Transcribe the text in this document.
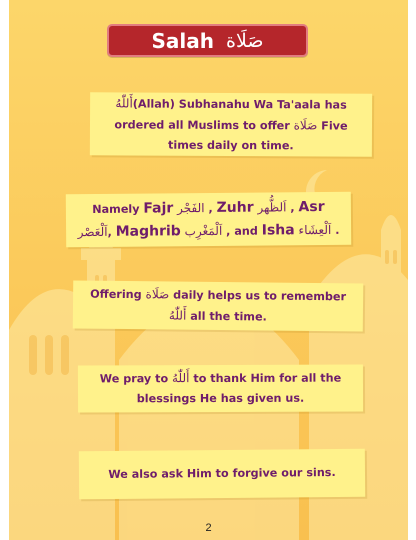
Salah صَلَاة

أَللّٰهُ(Allah) Subhanahu Wa Ta'aala has ordered all Muslims to offer صَلَاة Five times daily on time.

Namely Fajr الفَجْر , Zuhr اَلظُّهر , Asr اَلْعَصْر, Maghrib اَلْمَغْرِب , and Isha اَلْعِشَاء .

Offering صَلَاة daily helps us to remember أَللّٰهُ all the time.

We pray to أَللّٰهُ to thank Him for all the blessings He has given us.

We also ask Him to forgive our sins.

2
